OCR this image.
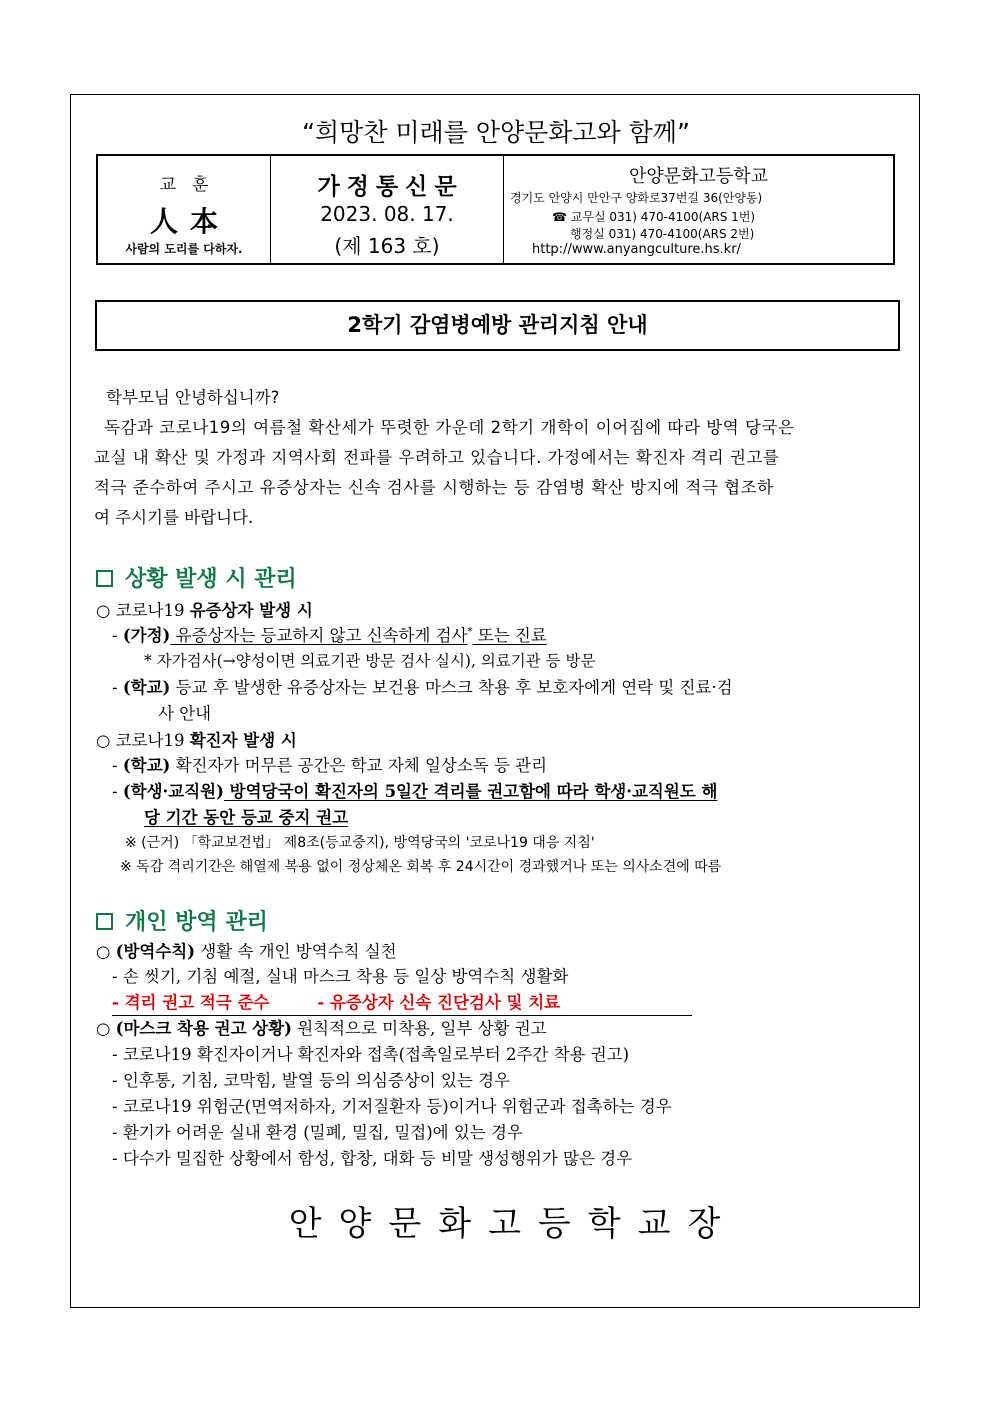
“희망찬 미래를 안양문화고와 함께”
교훈
人本
사람의 도리를 다하자.
가정통신문
2023. 08. 17.
(제 163 호)
안양문화고등학교
경기도 안양시 만안구 양화로37번길 36(안양동)
☎ 교무실 031) 470-4100(ARS 1번)
행정실 031) 470-4100(ARS 2번)
http://www.anyangculture.hs.kr/
2학기 감염병예방 관리지침 안내
학부모님 안녕하십니까?
독감과 코로나19의 여름철 확산세가 뚜렷한 가운데 2학기 개학이 이어짐에 따라 방역 당국은
교실 내 확산 및 가정과 지역사회 전파를 우려하고 있습니다. 가정에서는 확진자 격리 권고를
적극 준수하여 주시고 유증상자는 신속 검사를 시행하는 등 감염병 확산 방지에 적극 협조하
여 주시기를 바랍니다.
상황 발생 시 관리
○ 코로나19 유증상자 발생 시
- (가정) 유증상자는 등교하지 않고 신속하게 검사* 또는 진료
* 자가검사(→양성이면 의료기관 방문 검사 실시), 의료기관 등 방문
- (학교) 등교 후 발생한 유증상자는 보건용 마스크 착용 후 보호자에게 연락 및 진료·검
사 안내
○ 코로나19 확진자 발생 시
- (학교) 확진자가 머무른 공간은 학교 자체 일상소독 등 관리
- (학생·교직원) 방역당국이 확진자의 5일간 격리를 권고함에 따라 학생·교직원도 해
당 기간 동안 등교 중지 권고
※ (근거) 「학교보건법」 제8조(등교중지), 방역당국의 '코로나19 대응 지침'
※ 독감 격리기간은 해열제 복용 없이 정상체온 회복 후 24시간이 경과했거나 또는 의사소견에 따름
개인 방역 관리
○ (방역수칙) 생활 속 개인 방역수칙 실천
- 손 씻기, 기침 예절, 실내 마스크 착용 등 일상 방역수칙 생활화
- 격리 권고 적극 준수	- 유증상자 신속 진단검사 및 치료
○ (마스크 착용 권고 상황) 원칙적으로 미착용, 일부 상황 권고
- 코로나19 확진자이거나 확진자와 접촉(접촉일로부터 2주간 착용 권고)
- 인후통, 기침, 코막힘, 발열 등의 의심증상이 있는 경우
- 코로나19 위험군(면역저하자, 기저질환자 등)이거나 위험군과 접촉하는 경우
- 환기가 어려운 실내 환경 (밀폐, 밀집, 밀접)에 있는 경우
- 다수가 밀집한 상황에서 함성, 합창, 대화 등 비말 생성행위가 많은 경우
안양문화고등학교장
